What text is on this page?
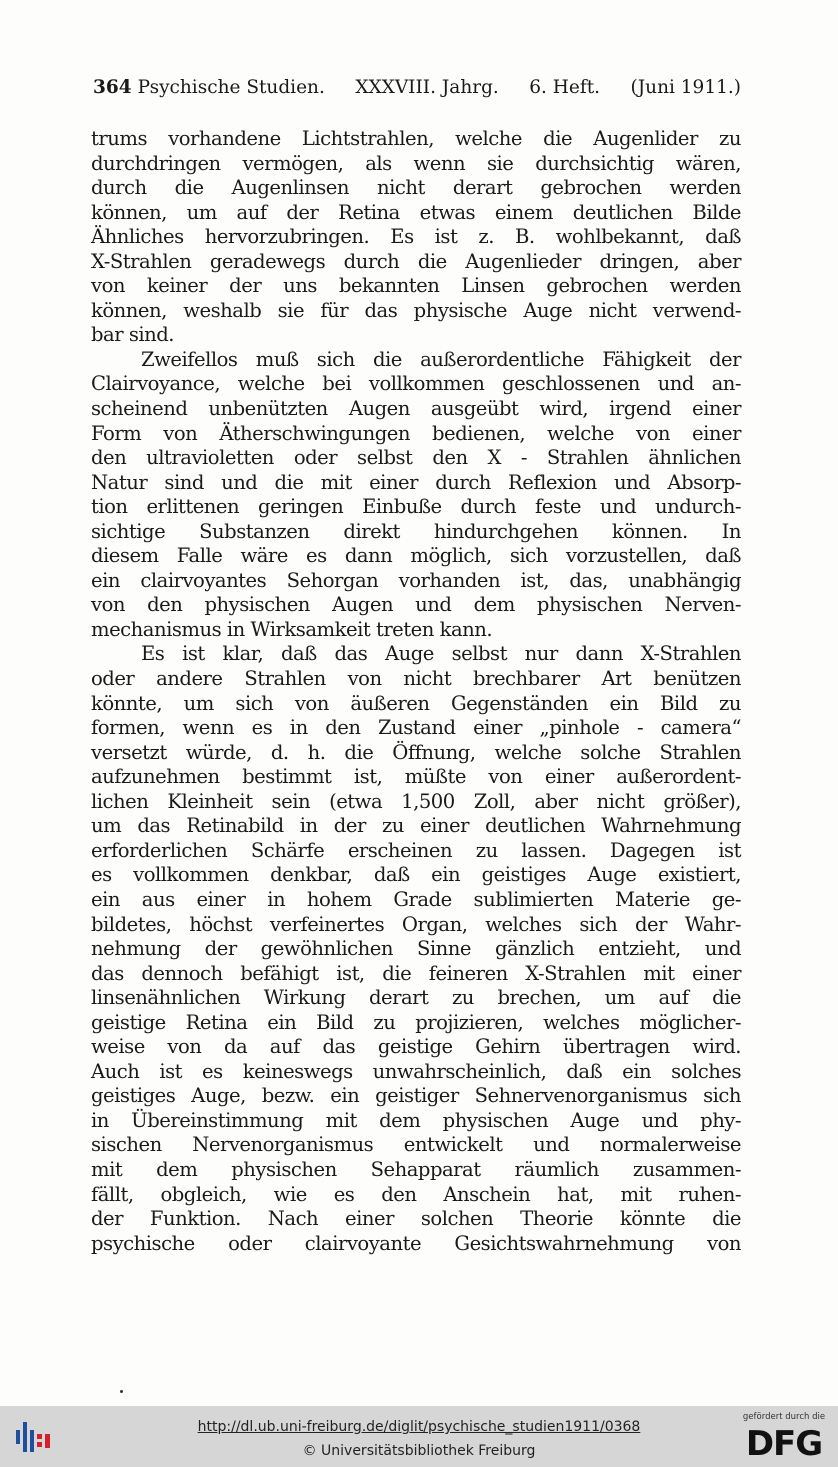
364 Psychische Studien. XXXVIII. Jahrg. 6. Heft. (Juni 1911.)
trums vorhandene Lichtstrahlen, welche die Augenlider zu
durchdringen vermögen, als wenn sie durchsichtig wären,
durch die Augenlinsen nicht derart gebrochen werden
können, um auf der Retina etwas einem deutlichen Bilde
Ähnliches hervorzubringen. Es ist z. B. wohlbekannt, daß
X-Strahlen geradewegs durch die Augenlieder dringen, aber
von keiner der uns bekannten Linsen gebrochen werden
können, weshalb sie für das physische Auge nicht verwend-
bar sind.
Zweifellos muß sich die außerordentliche Fähigkeit der
Clairvoyance, welche bei vollkommen geschlossenen und an-
scheinend unbenützten Augen ausgeübt wird, irgend einer
Form von Ätherschwingungen bedienen, welche von einer
den ultravioletten oder selbst den X - Strahlen ähnlichen
Natur sind und die mit einer durch Reflexion und Absorp-
tion erlittenen geringen Einbuße durch feste und undurch-
sichtige Substanzen direkt hindurchgehen können. In
diesem Falle wäre es dann möglich, sich vorzustellen, daß
ein clairvoyantes Sehorgan vorhanden ist, das, unabhängig
von den physischen Augen und dem physischen Nerven-
mechanismus in Wirksamkeit treten kann.
Es ist klar, daß das Auge selbst nur dann X-Strahlen
oder andere Strahlen von nicht brechbarer Art benützen
könnte, um sich von äußeren Gegenständen ein Bild zu
formen, wenn es in den Zustand einer „pinhole - camera“
versetzt würde, d. h. die Öffnung, welche solche Strahlen
aufzunehmen bestimmt ist, müßte von einer außerordent-
lichen Kleinheit sein (etwa 1,500 Zoll, aber nicht größer),
um das Retinabild in der zu einer deutlichen Wahrnehmung
erforderlichen Schärfe erscheinen zu lassen. Dagegen ist
es vollkommen denkbar, daß ein geistiges Auge existiert,
ein aus einer in hohem Grade sublimierten Materie ge-
bildetes, höchst verfeinertes Organ, welches sich der Wahr-
nehmung der gewöhnlichen Sinne gänzlich entzieht, und
das dennoch befähigt ist, die feineren X-Strahlen mit einer
linsenähnlichen Wirkung derart zu brechen, um auf die
geistige Retina ein Bild zu projizieren, welches möglicher-
weise von da auf das geistige Gehirn übertragen wird.
Auch ist es keineswegs unwahrscheinlich, daß ein solches
geistiges Auge, bezw. ein geistiger Sehnervenorganismus sich
in Übereinstimmung mit dem physischen Auge und phy-
sischen Nervenorganismus entwickelt und normalerweise
mit dem physischen Sehapparat räumlich zusammen-
fällt, obgleich, wie es den Anschein hat, mit ruhen-
der Funktion. Nach einer solchen Theorie könnte die
psychische oder clairvoyante Gesichtswahrnehmung von
http://dl.ub.uni-freiburg.de/diglit/psychische_studien1911/0368
© Universitätsbibliothek Freiburg
gefördert durch die
DFG
